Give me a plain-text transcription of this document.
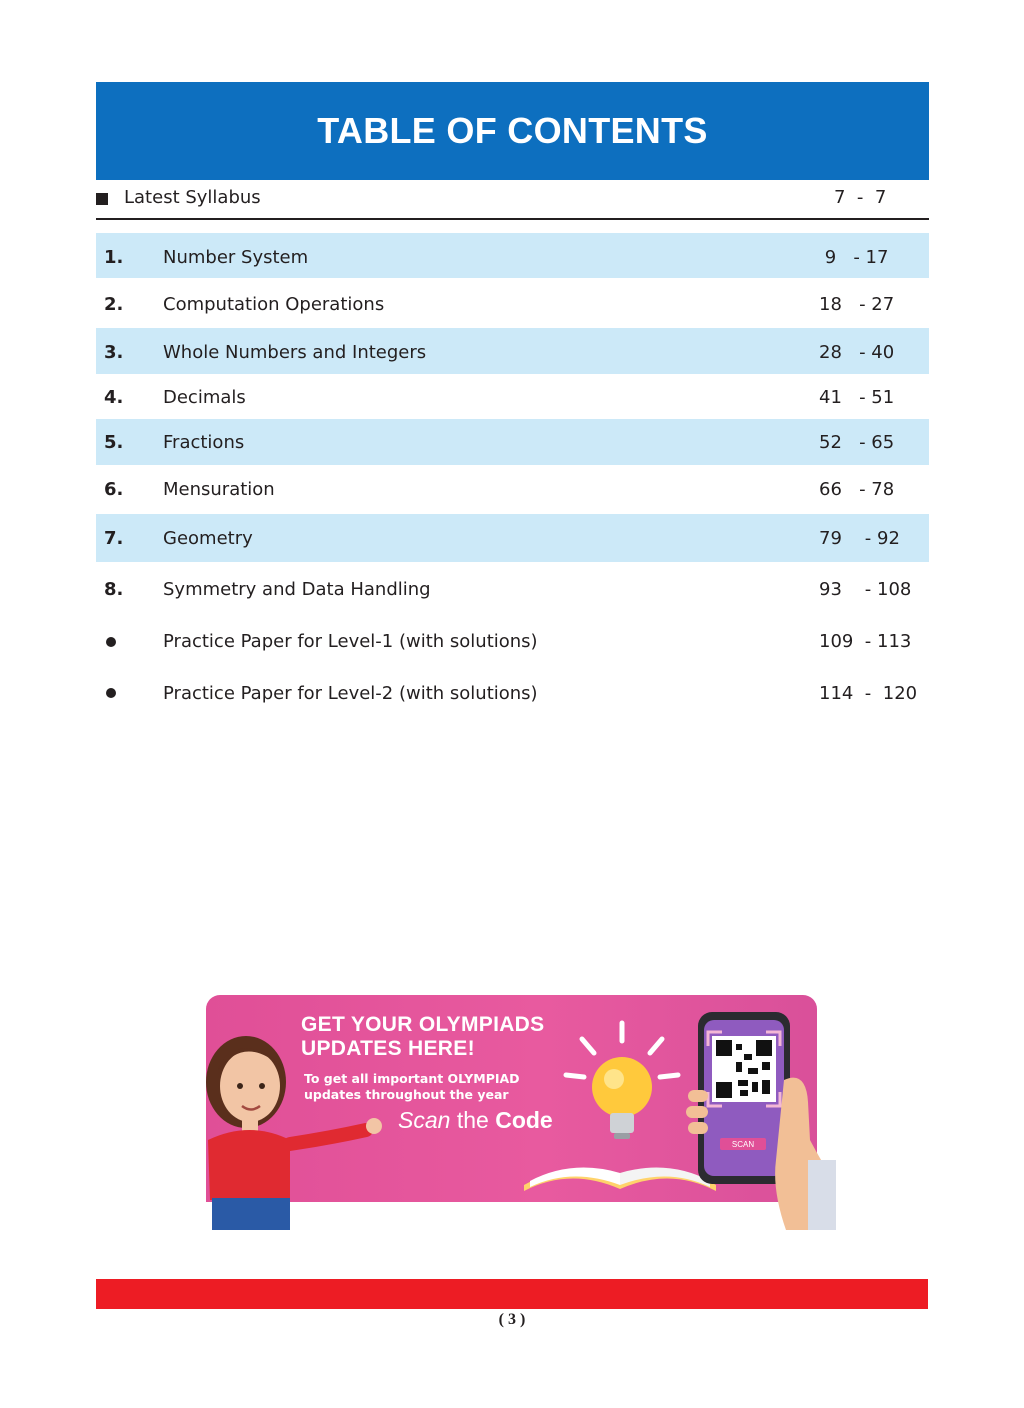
TABLE OF CONTENTS
Latest Syllabus	7  -  7
1. Number System	9   - 17
2. Computation Operations	18   - 27
3. Whole Numbers and Integers	28   - 40
4. Decimals	41   - 51
5. Fractions	52   - 65
6. Mensuration	66   - 78
7. Geometry	79    - 92
8. Symmetry and Data Handling	93    - 108
Practice Paper for Level-1 (with solutions)	109  - 113
Practice Paper for Level-2 (with solutions)	114  -  120
GET YOUR OLYMPIADS
UPDATES HERE!
To get all important OLYMPIAD
updates throughout the year
Scan the Code
SCAN
( 3 )
